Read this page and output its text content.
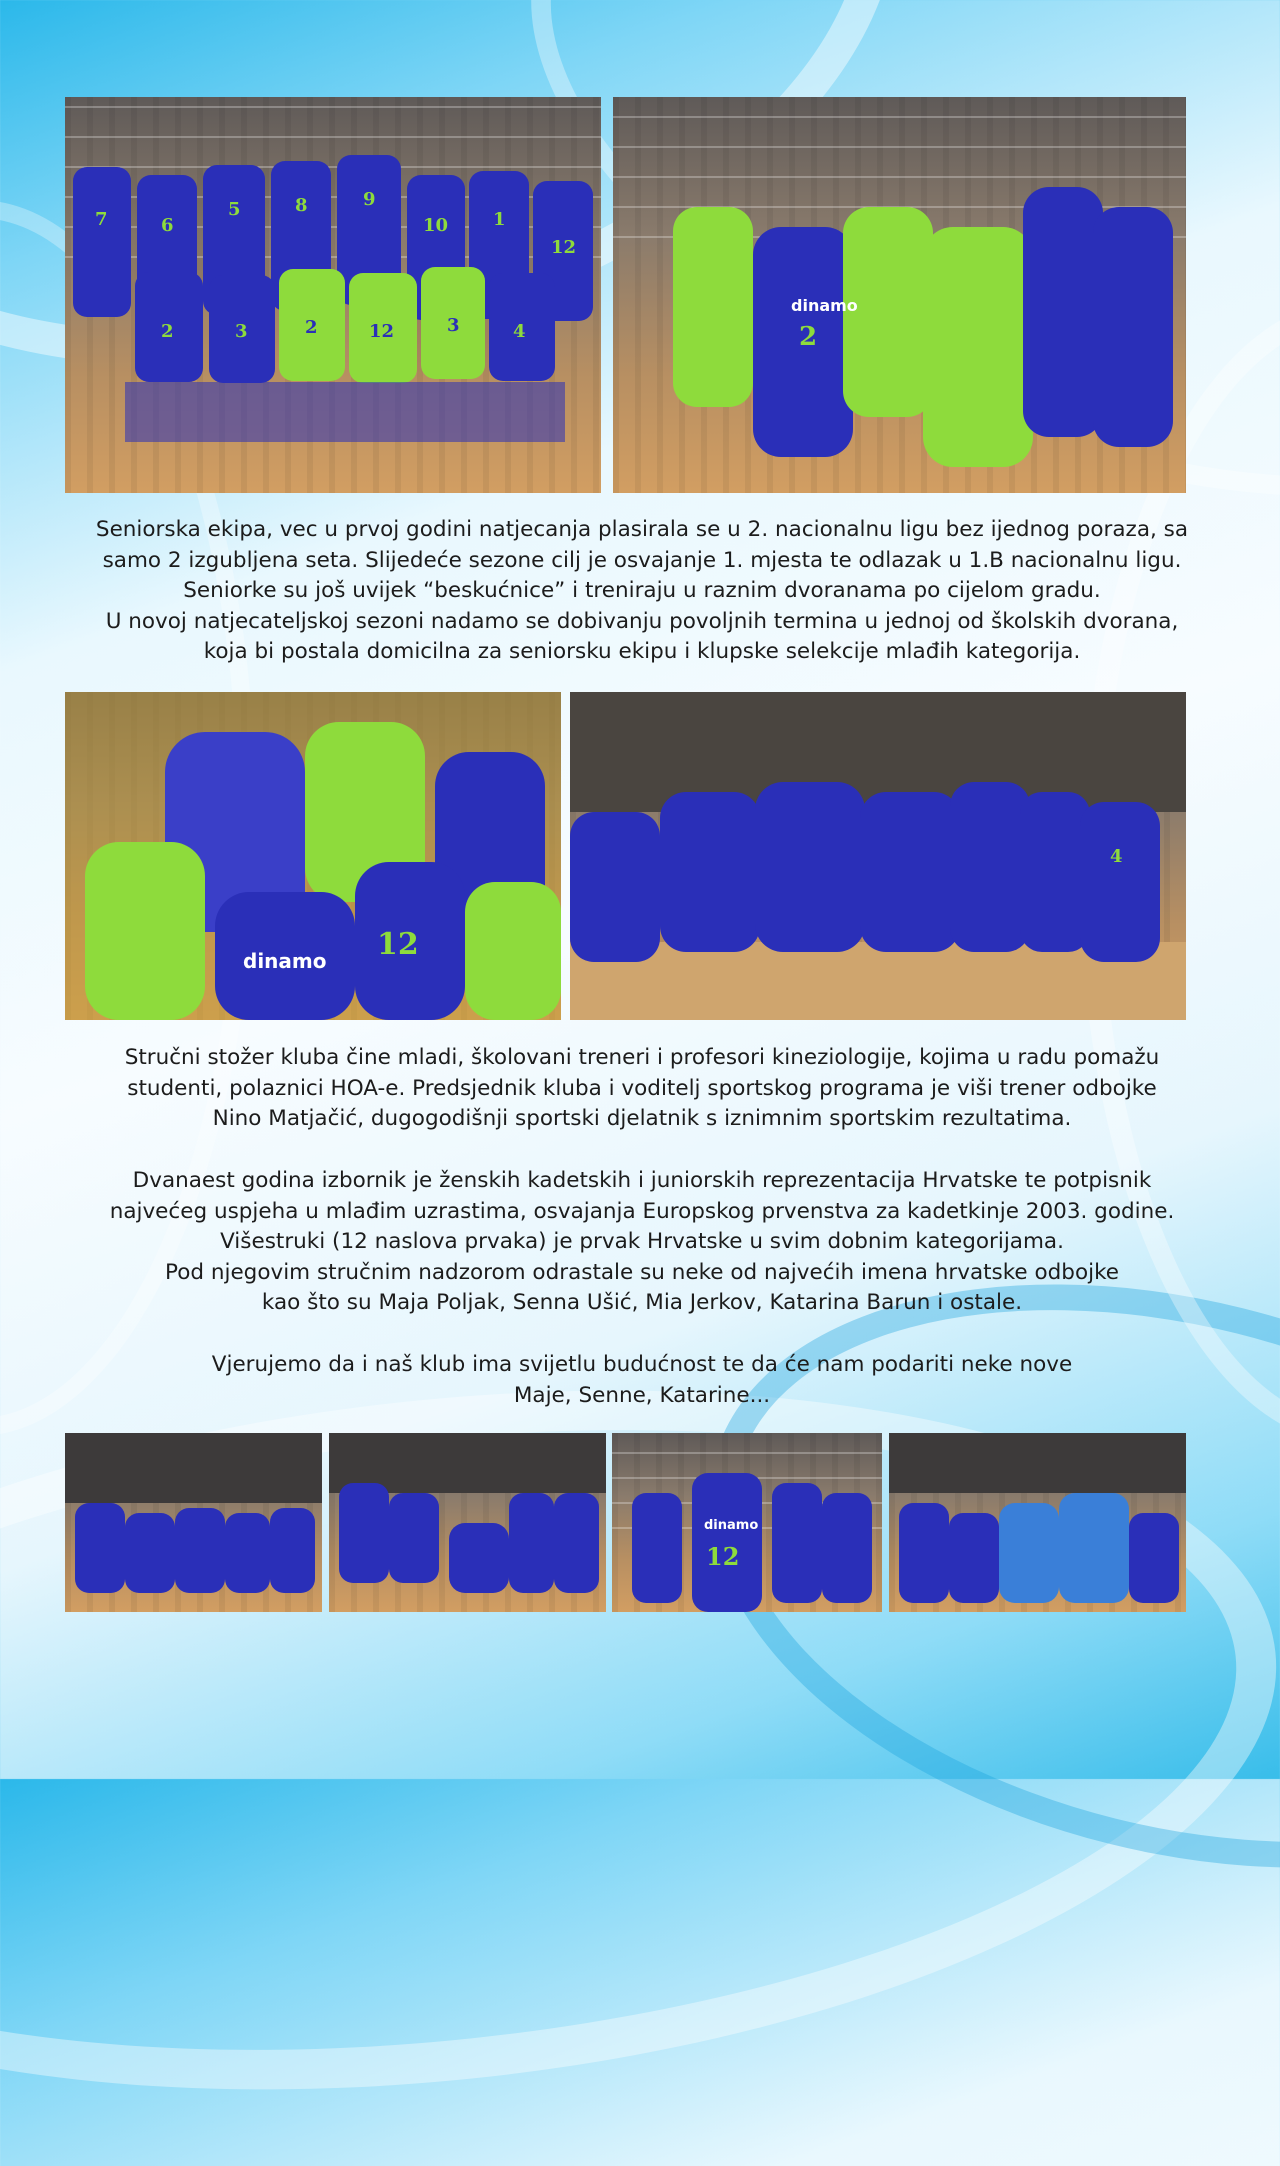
7	6
5	8	9
10 1
12
2	3	2	12	3	4
dinamo
2
Seniorska ekipa, vec u prvoj godini natjecanja plasirala se u 2. nacionalnu ligu bez ijednog poraza, sa
samo 2 izgubljena seta. Slijedeće sezone cilj je osvajanje 1. mjesta te odlazak u 1.B nacionalnu ligu.
Seniorke su još uvijek “beskućnice” i treniraju u raznim dvoranama po cijelom gradu.
U novoj natjecateljskoj sezoni nadamo se dobivanju povoljnih termina u jednoj od školskih dvorana,
koja bi postala domicilna za seniorsku ekipu i klupske selekcije mlađih kategorija.
dinamo 12
4
Stručni stožer kluba čine mladi, školovani treneri i profesori kineziologije, kojima u radu pomažu
studenti, polaznici HOA-e. Predsjednik kluba i voditelj sportskog programa je viši trener odbojke
Nino Matjačić, dugogodišnji sportski djelatnik s iznimnim sportskim rezultatima.
Dvanaest godina izbornik je ženskih kadetskih i juniorskih reprezentacija Hrvatske te potpisnik
najvećeg uspjeha u mlađim uzrastima, osvajanja Europskog prvenstva za kadetkinje 2003. godine.
Višestruki (12 naslova prvaka) je prvak Hrvatske u svim dobnim kategorijama.
Pod njegovim stručnim nadzorom odrastale su neke od najvećih imena hrvatske odbojke
kao što su Maja Poljak, Senna Ušić, Mia Jerkov, Katarina Barun i ostale.
Vjerujemo da i naš klub ima svijetlu budućnost te da će nam podariti neke nove
Maje, Senne, Katarine...
dinamo
12
